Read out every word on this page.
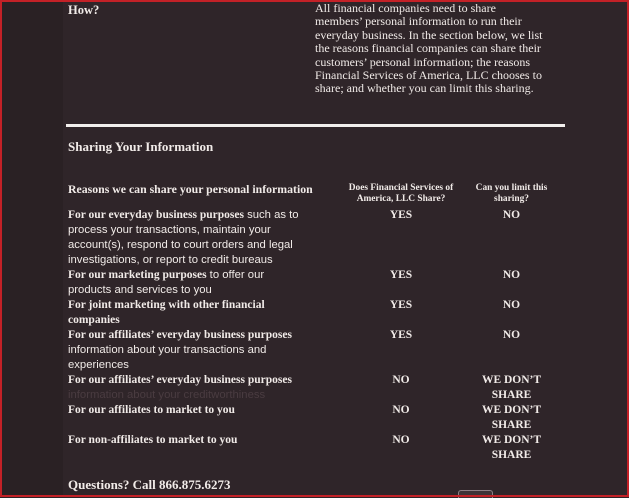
How?	All financial companies need to share
members’ personal information to run their
everyday business. In the section below, we list
the reasons financial companies can share their
customers’ personal information; the reasons
Financial Services of America, LLC chooses to
share; and whether you can limit this sharing.
Sharing Your Information
Reasons we can share your personal information	Does Financial Services of America, LLC Share?
Can you limit this sharing?
For our everyday business purposes such as to
process your transactions, maintain your
account(s), respond to court orders and legal
investigations, or report to credit bureaus
YES	NO
For our marketing purposes to offer our
products and services to you
YES	NO
For joint marketing with other financial
companies
YES	NO
For our affiliates’ everyday business purposes
information about your transactions and
experiences
YES	NO
For our affiliates’ everyday business purposes
information about your creditworthiness
NO	WE DON’T SHARE
For our affiliates to market to you	NO	WE DON’T SHARE
For non-affiliates to market to you	NO	WE DON’T SHARE
Questions? Call 866.875.6273
